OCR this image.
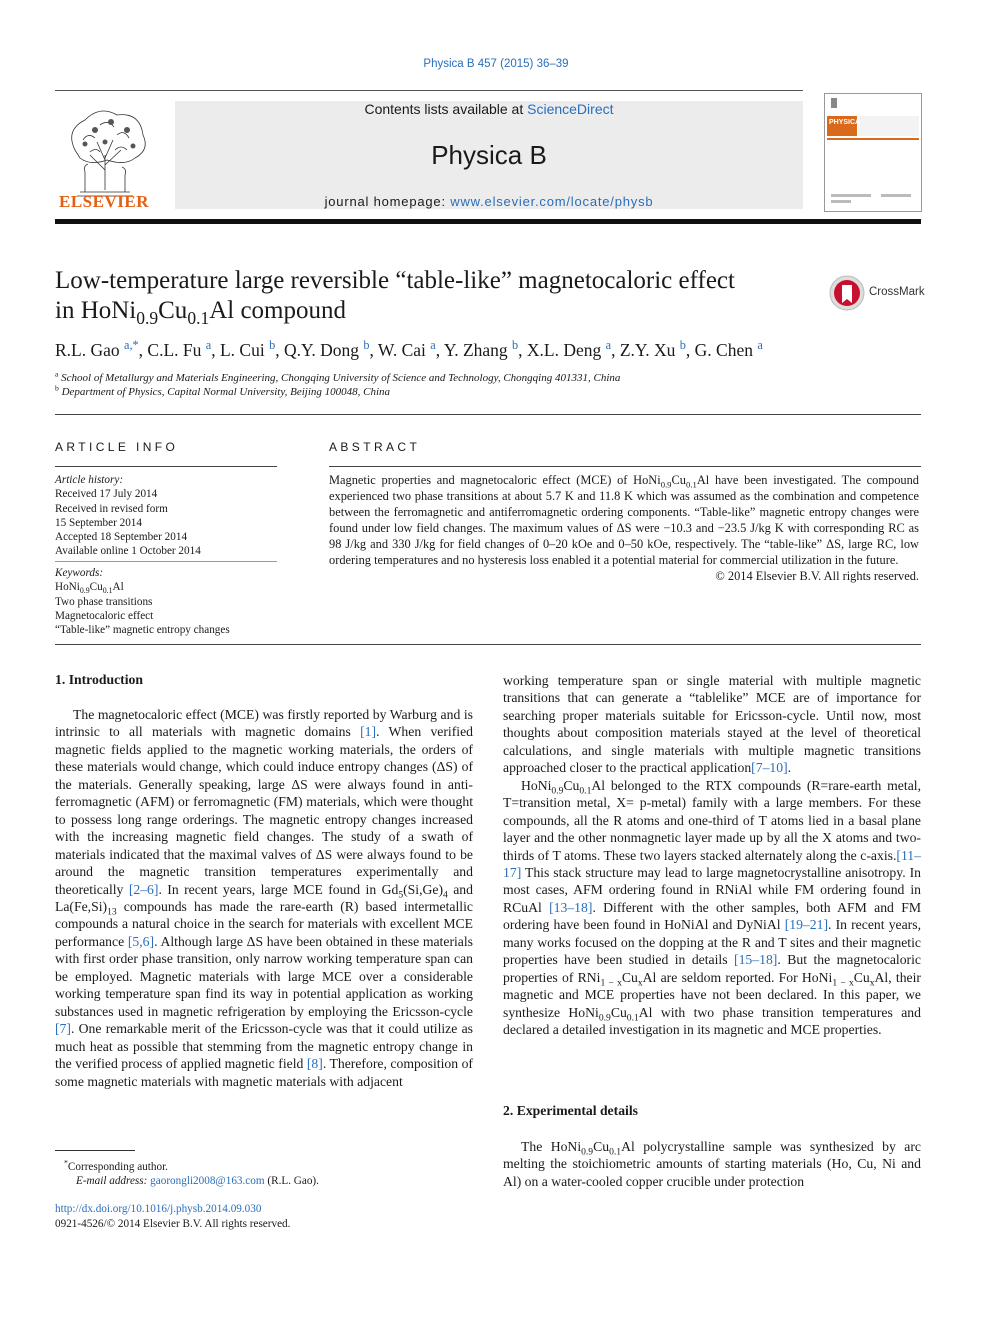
Physica B 457 (2015) 36–39
ELSEVIER
Contents lists available at ScienceDirect
Physica B
journal homepage: www.elsevier.com/locate/physb
PHYSICA
Low-temperature large reversible “table-like” magnetocaloric effect
in $HoNi_{0.9}Cu_{0.1}Al$ compound
CrossMark
R.L. Gao $^{a,*}$, C.L. Fu $^a$, L. Cui $^b$, Q.Y. Dong $^b$, W. Cai $^a$, Y. Zhang $^b$, X.L. Deng $^a$, Z.Y. Xu $^b$, G. Chen $^a$
$^a$ School of Metallurgy and Materials Engineering, Chongqing University of Science and Technology, Chongqing 401331, China
$^b$ Department of Physics, Capital Normal University, Beijing 100048, China
ARTICLE INFO
Article history:
Received 17 July 2014
Received in revised form
15 September 2014
Accepted 18 September 2014
Available online 1 October 2014
Keywords:
$HoNi_{0.9}Cu_{0.1}Al$
Two phase transitions
Magnetocaloric effect
“Table-like” magnetic entropy changes
ABSTRACT
Magnetic properties and magnetocaloric effect (MCE) of $HoNi_{0.9}Cu_{0.1}Al$ have been investigated. The compound experienced two phase transitions at about 5.7 K and 11.8 K which was assumed as the combination and competence between the ferromagnetic and antiferromagnetic ordering components. “Table-like” magnetic entropy changes were found under low field changes. The maximum values of ΔS were −10.3 and −23.5 J/kg K with corresponding RC as 98 J/kg and 330 J/kg for field changes of 0–20 kOe and 0–50 kOe, respectively. The “table-like” ΔS, large RC, low ordering temperatures and no hysteresis loss enabled it a potential material for commercial utilization in the future.
© 2014 Elsevier B.V. All rights reserved.
1. Introduction

The magnetocaloric effect (MCE) was firstly reported by Warburg and is intrinsic to all materials with magnetic domains [1]. When verified magnetic fields applied to the magnetic working materials, the orders of these materials would change, which could induce entropy changes (ΔS) of the materials. Generally speaking, large ΔS were always found in anti-ferromagnetic (AFM) or ferromagnetic (FM) materials, which were thought to possess long range orderings. The magnetic entropy changes increased with the increasing magnetic field changes. The study of a swath of materials indicated that the maximal valves of ΔS were always found to be around the magnetic transition temperatures experimentally and theoretically [2–6]. In recent years, large MCE found in $Gd_5(Si,Ge)_4$ and $La(Fe,Si)_{13}$ compounds has made the rare-earth (R) based intermetallic compounds a natural choice in the search for materials with excellent MCE performance [5,6]. Although large ΔS have been obtained in these materials with first order phase transition, only narrow working temperature span can be employed. Magnetic materials with large MCE over a considerable working temperature span find its way in potential application as working substances used in magnetic refrigeration by employing the Ericsson-cycle [7]. One remarkable merit of the Ericsson-cycle was that it could utilize as much heat as possible that stemming from the magnetic entropy change in the verified process of applied magnetic field [8]. Therefore, composition of some magnetic materials with magnetic materials with adjacent

*Corresponding author.
E-mail address: gaorongli2008@163.com (R.L. Gao).
http://dx.doi.org/10.1016/j.physb.2014.09.030
0921-4526/© 2014 Elsevier B.V. All rights reserved.

working temperature span or single material with multiple magnetic transitions that can generate a “tablelike” MCE are of importance for searching proper materials suitable for Ericsson-cycle. Until now, most thoughts about composition materials stayed at the level of theoretical calculations, and single materials with multiple magnetic transitions approached closer to the practical application[7–10].

$HoNi_{0.9}Cu_{0.1}Al$ belonged to the RTX compounds (R=rare-earth metal, T=transition metal, X= p-metal) family with a large members. For these compounds, all the R atoms and one-third of T atoms lied in a basal plane layer and the other nonmagnetic layer made up by all the X atoms and two-thirds of T atoms. These two layers stacked alternately along the c-axis.[11–17] This stack structure may lead to large magnetocrystalline anisotropy. In most cases, AFM ordering found in RNiAl while FM ordering found in RCuAl [13–18]. Different with the other samples, both AFM and FM ordering have been found in HoNiAl and DyNiAl [19–21]. In recent years, many works focused on the dopping at the R and T sites and their magnetic properties have been studied in details [15–18]. But the magnetocaloric properties of $RNi_{1 - x}Cu_xAl$ are seldom reported. For $HoNi_{1 - x}Cu_xAl$, their magnetic and MCE properties have not been declared. In this paper, we synthesize $HoNi_{0.9}Cu_{0.1}Al$ with two phase transition temperatures and declared a detailed investigation in its magnetic and MCE properties.

2. Experimental details

The $HoNi_{0.9}Cu_{0.1}Al$ polycrystalline sample was synthesized by arc melting the stoichiometric amounts of starting materials (Ho, Cu, Ni and Al) on a water-cooled copper crucible under protection
